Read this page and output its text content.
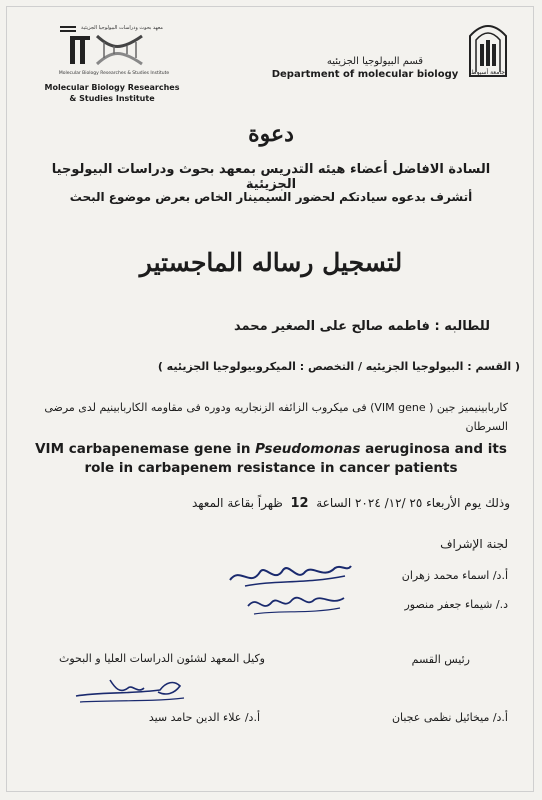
معهد بحوث ودراسات البيولوجيا الجزيئية
Molecular Biology Researches & Studies Institute
Molecular Biology Researches
& Studies Institute
جامعة أسيوط
قسم البيولوجيا الجزيئيه
Department of molecular biology
دعوة
السادة الافاضل أعضاء هيئه التدريس بمعهد بحوث ودراسات البيولوجيا الجزيئية
أتشرف بدعوه سيادتكم لحضور السيمينار الخاص بعرض موضوع البحث
لتسجيل رساله الماجستير
للطالبه : فاطمه صالح على الصغير محمد
( القسم : البيولوجيا الجزيئيه / التخصص : الميكروبيولوجيا الجزيئيه )
كاربابينيميز جين ( VIM gene) فى ميكروب الزائفه الزنجاريه ودوره فى مقاومه الكاربابينيم لدى مرضى السرطان
VIM carbapenemase gene in Pseudomonas aeruginosa and its role in carbapenem resistance in cancer patients
وذلك يوم الأربعاء ٢٥ /١٢/ ٢٠٢٤ الساعة  12  ظهراً بقاعة المعهد
لجنة الإشراف
أ.د/ اسماء محمد زهران
د./ شيماء جعفر منصور
رئيس القسم
وكيل المعهد لشئون الدراسات العليا و البحوث
أ.د/ ميخائيل نظمى عجبان
أ.د/ علاء الدين حامد سيد
